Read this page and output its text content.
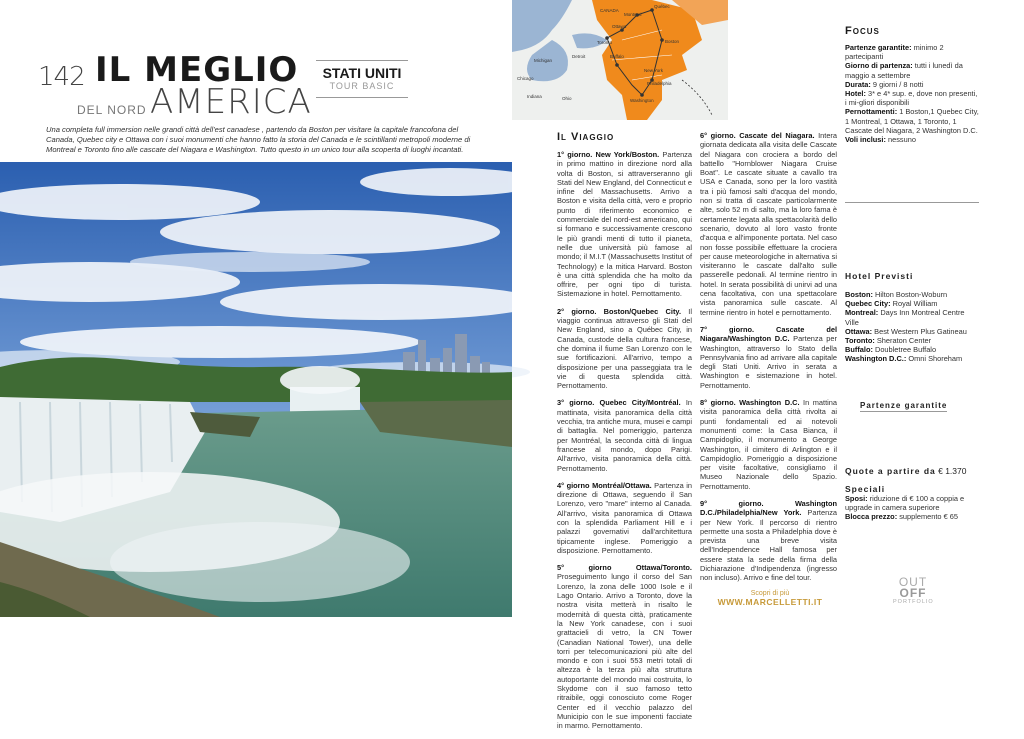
142 IL MEGLIO
DEL NORD AMERICA
STATI UNITI
TOUR BASIC
Una completa full immersion nelle grandi città dell'est canadese , partendo da Boston per visitare la capitale francofona del Canada, Quebec city e Ottawa con i suoi monumenti che hanno fatto la storia del Canada e le scintillanti metropoli moderne di Montreal e Toronto fino alle cascate del Niagara e Washington. Tutto questo in un unico tour alla scoperta di luoghi incantati.
CANADA
Montreal
Québec
Ottawa
Toronto	Boston
New York
Philadelphia
Washington
Michigan
Ohio
Indiana
Detroit	Buffalo
Chicago
Il Viaggio

1° giorno. New York/Boston. Partenza in primo mattino in direzione nord alla volta di Boston, si attraverseranno gli Stati del New England, del Connecticut e infine del Massachusetts. Arrivo a Boston e visita della città, vero e proprio punto di riferimento economico e commerciale del nord-est americano, qui si formano e successivamente crescono le più grandi menti di tutto il pianeta, nelle due università più famose al mondo; il M.I.T (Massachusetts Institut of Technology) e la mitica Harvard. Boston è una città splendida che ha molto da offrire, per ogni tipo di turista. Sistemazione in hotel. Pernottamento.

2° giorno. Boston/Quebec City. Il viaggio continua attraverso gli Stati del New England, sino a Québec City, in Canada, custode della cultura francese, che domina il fiume San Lorenzo con le sue fortificazioni. All'arrivo, tempo a disposizione per una passeggiata tra le vie di questa splendida città. Pernottamento.

3° giorno. Quebec City/Montréal. In mattinata, visita panoramica della città vecchia, tra antiche mura, musei e campi di battaglia. Nel pomeriggio, partenza per Montréal, la seconda città di lingua francese al mondo, dopo Parigi. All'arrivo, visita panoramica della città. Pernottamento.

4° giorno Montréal/Ottawa. Partenza in direzione di Ottawa, seguendo il San Lorenzo, vero "mare" interno al Canada. All'arrivo, visita panoramica di Ottawa con la splendida Parliament Hill e i palazzi governativi dall'architettura tipicamente inglese. Pomeriggio a disposizione. Pernottamento.

5° giorno Ottawa/Toronto. Proseguimento lungo il corso del San Lorenzo, la zona delle 1000 Isole e il Lago Ontario. Arrivo a Toronto, dove la nostra visita metterà in risalto le modernità di questa città, praticamente la New York canadese, con i suoi grattacieli di vetro, la CN Tower (Canadian National Tower), una delle torri per telecomunicazioni più alte del mondo e con i suoi 553 metri totali di altezza è la terza più alta struttura autoportante del mondo mai costruita, lo Skydome con il suo famoso tetto ritraibile, oggi conosciuto come Roger Center ed il vecchio palazzo del Municipio con le sue imponenti facciate in marmo. Pernottamento.

6° giorno. Cascate del Niagara. Intera giornata dedicata alla visita delle Cascate del Niagara con crociera a bordo del battello "Hornblower Niagara Cruise Boat". Le cascate situate a cavallo tra USA e Canada, sono per la loro vastità tra i più famosi salti d'acqua del mondo, non si tratta di cascate particolarmente alte, solo 52 m di salto, ma la loro fama è certamente legata alla spettacolarità dello scenario, dovuto al loro vasto fronte d'acqua e all'imponente portata. Nel caso non fosse possibile effettuare la crociera per cause meteorologiche in alternativa si visiteranno le cascate dall'alto sulle passerelle pedonali. Al termine rientro in hotel. In serata possibilità di unirvi ad una cena facoltativa, con una spettacolare vista panoramica sulle cascate. Al termine rientro in hotel e pernottamento.

7° giorno. Cascate del Niagara/Washington D.C. Partenza per Washington, attraverso lo Stato della Pennsylvania fino ad arrivare alla capitale degli Stati Uniti. Arrivo in serata a Washington e sistemazione in hotel. Pernottamento.

8° giorno. Washington D.C. In mattina visita panoramica della città rivolta ai punti fondamentali ed ai notevoli monumenti come: la Casa Bianca, il Campidoglio, il monumento a George Washington, il cimitero di Arlington e il Campidoglio. Pomeriggio a disposizione per visite facoltative, consigliamo il Museo Nazionale dello Spazio. Pernottamento.

9° giorno. Washington D.C./Philadelphia/New York. Partenza per New York. Il percorso di rientro permette una sosta a Philadelphia dove è prevista una breve visita dell'Independence Hall famosa per essere stata la sede della firma della Dichiarazione d'Indipendenza (ingresso non incluso). Arrivo e fine del tour.

Focus
Partenze garantite: minimo 2 partecipanti
Giorno di partenza: tutti i lunedì da maggio a settembre
Durata: 9 giorni / 8 notti
Hotel: 3* e 4* sup. e, dove non presenti, i mi-gliori disponibili
Pernottamenti: 1 Boston,1 Quebec City, 1 Montreal, 1 Ottawa, 1 Toronto, 1 Cascate del Niagara, 2 Washington D.C.
Voli inclusi: nessuno
Hotel Previsti
Boston: Hilton Boston-Woburn
Quebec City: Royal William
Montreal: Days Inn Montreal Centre Ville
Ottawa: Best Western Plus Gatineau
Toronto: Sheraton Center
Buffalo: Doubletree Buffalo
Washington D.C.: Omni Shoreham
Partenze garantite
Quote a partire da € 1.370
Speciali
Sposi: riduzione di € 100 a coppia e upgrade in camera superiore
Blocca prezzo: supplemento € 65
Scopri di più
WWW.MARCELLETTI.IT
OUT
OFF
PORTFOLIO
